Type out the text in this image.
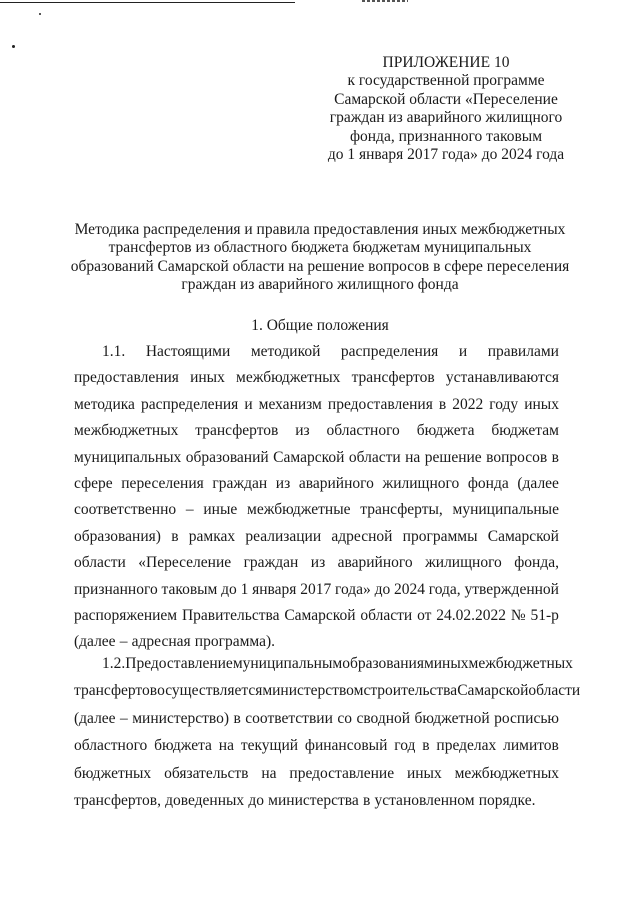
ПРИЛОЖЕНИЕ 10
к государственной программе
Самарской области «Переселение
граждан из аварийного жилищного
фонда, признанного таковым
до 1 января 2017 года» до 2024 года
Методика распределения и правила предоставления иных межбюджетных
трансфертов из областного бюджета бюджетам муниципальных
образований Самарской области на решение вопросов в сфере переселения
граждан из аварийного жилищного фонда
1. Общие положения
1.1. Настоящими методикой распределения и правилами
предоставления иных межбюджетных трансфертов устанавливаются
методика распределения и механизм предоставления в 2022 году иных
межбюджетных трансфертов из областного бюджета бюджетам
муниципальных образований Самарской области на решение вопросов в
сфере переселения граждан из аварийного жилищного фонда (далее
соответственно – иные межбюджетные трансферты, муниципальные
образования) в рамках реализации адресной программы Самарской
области «Переселение граждан из аварийного жилищного фонда,
признанного таковым до 1 января 2017 года» до 2024 года, утвержденной
распоряжением Правительства Самарской области от 24.02.2022 № 51-р
(далее – адресная программа).
1.2. Предоставление муниципальным образованиям иных межбюджетных
трансфертов осуществляется министерством строительства Самарской области
(далее – министерство) в соответствии со сводной бюджетной росписью
областного бюджета на текущий финансовый год в пределах лимитов
бюджетных обязательств на предоставление иных межбюджетных
трансфертов, доведенных до министерства в установленном порядке.
